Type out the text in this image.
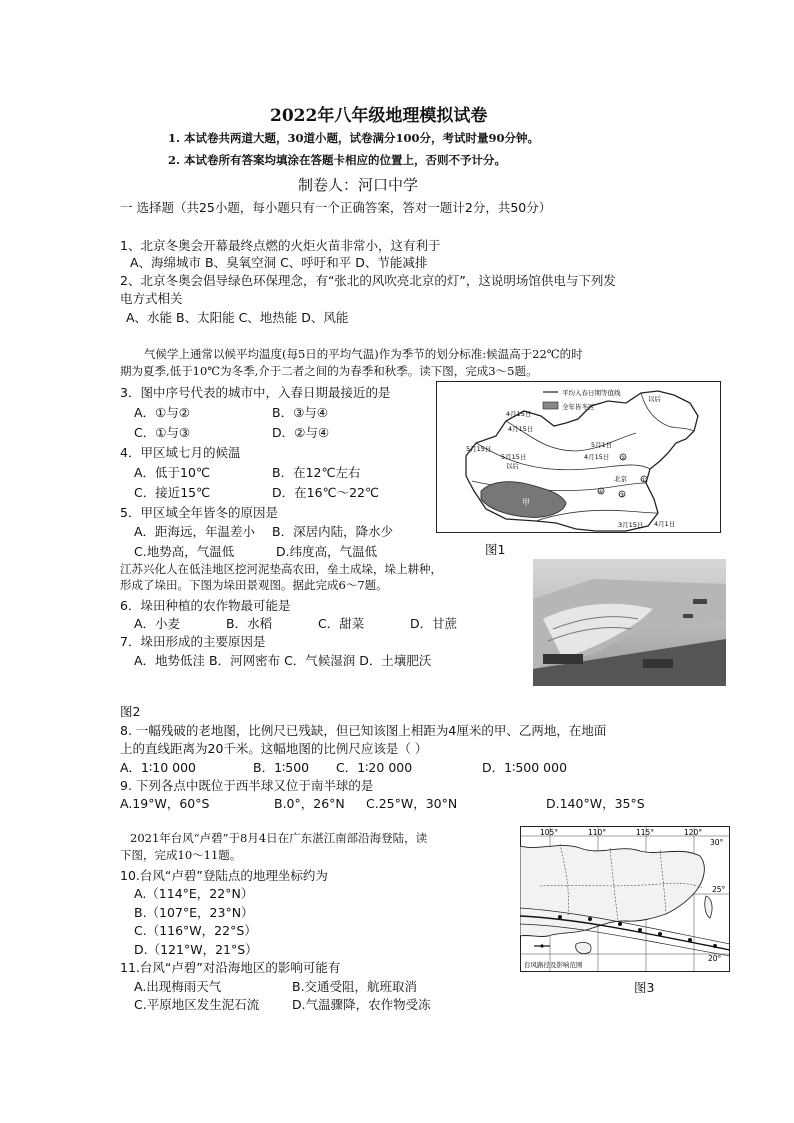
2022年八年级地理模拟试卷
1. 本试卷共两道大题，30道小题，试卷满分100分，考试时量90分钟。
2. 本试卷所有答案均填涂在答题卡相应的位置上，否则不予计分。
制卷人：河口中学
一 选择题（共25小题，每小题只有一个正确答案，答对一题计2分，共50分）
1、北京冬奥会开幕最终点燃的火炬火苗非常小，这有利于
A、海绵城市 B、臭氧空洞 C、呼吁和平 D、节能减排
2、北京冬奥会倡导绿色环保理念，有“张北的风吹亮北京的灯”，这说明场馆供电与下列发
电方式相关
A、水能 B、太阳能 C、地热能 D、风能
气候学上通常以候平均温度(每5日的平均气温)作为季节的划分标准:候温高于22℃的时
期为夏季,低于10℃为冬季,介于二者之间的为春季和秋季。读下图，完成3～5题。
3．图中序号代表的城市中，入春日期最接近的是
A．①与②	B．③与④
C．①与③	D．②与④
4．甲区域七月的候温
A．低于10℃	B．在12℃左右
C．接近15℃	D．在16℃～22℃
5．甲区域全年皆冬的原因是
A．距海远，年温差小 B．深居内陆，降水少
C.地势高，气温低	D.纬度高，气温低
平均入春日期等值线
全年皆冬区
4月15日
4月15日
5月15日
以后
5月15日
以后
5月1日
4月15日
北京
甲
4月1日
3月15日
①
②
④	③
图1
江苏兴化人在低洼地区挖河泥垫高农田，垒土成垛，垛上耕种，
形成了垛田。下图为垛田景观图。据此完成6～7题。
6．垛田种植的农作物最可能是
A．小麦	B．水稻	C．甜菜	D．甘蔗
7．垛田形成的主要原因是
A．地势低洼 B．河网密布 C．气候湿润 D．土壤肥沃
图2
8. 一幅残破的老地图，比例尺已残缺，但已知该图上相距为4厘米的甲、乙两地，在地面
上的直线距离为20千米。这幅地图的比例尺应该是（ ）
A．1∶10 000	B．1∶500 C．1∶20 000	D．1∶500 000
9. 下列各点中既位于西半球又位于南半球的是
A.19°W，60°S	B.0°，26°N C.25°W，30°N	D.140°W，35°S
2021年台风“卢碧”于8月4日在广东湛江南部沿海登陆，读
下图，完成10～11题。
10.台风“卢碧”登陆点的地理坐标约为
A.（114°E，22°N）
B.（107°E，23°N）
C.（116°W，22°S）
D.（121°W，21°S）
11.台风“卢碧”对沿海地区的影响可能有
A.出现梅雨天气	B.交通受阻，航班取消
C.平原地区发生泥石流	D.气温骤降，农作物受冻
105°	110°	115°	120°
30°
25°
20°
台风路径及影响范围
图3
